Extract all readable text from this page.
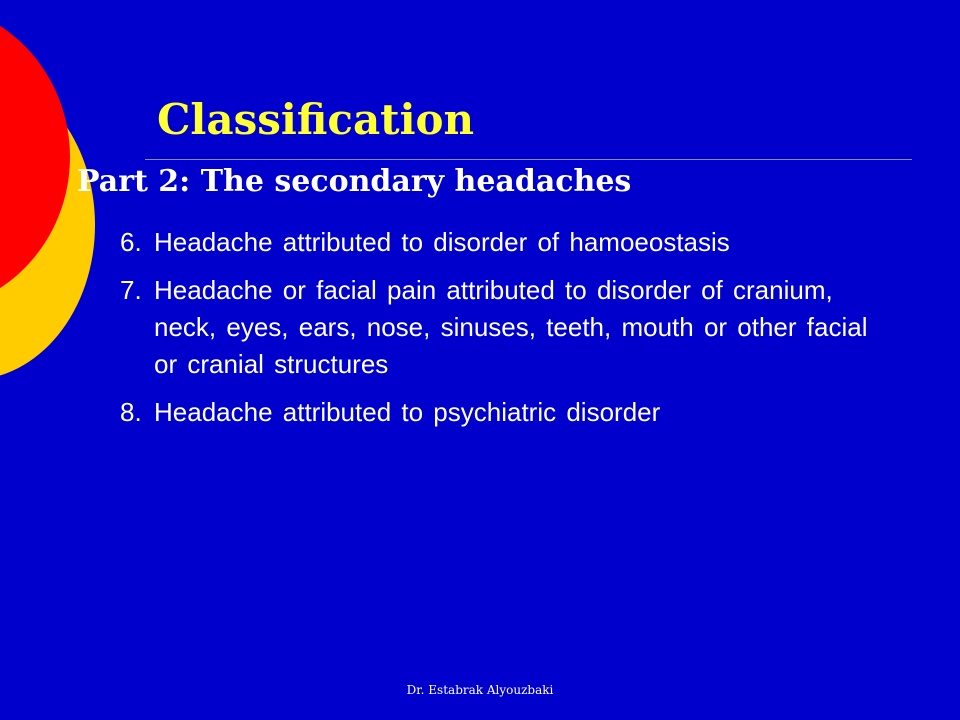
Classification
Part 2: The secondary headaches
6. Headache attributed to disorder of hamoeostasis
7. Headache or facial pain attributed to disorder of cranium, neck, eyes, ears, nose, sinuses, teeth, mouth or other facial or cranial structures
8. Headache attributed to psychiatric disorder
Dr. Estabrak Alyouzbaki
